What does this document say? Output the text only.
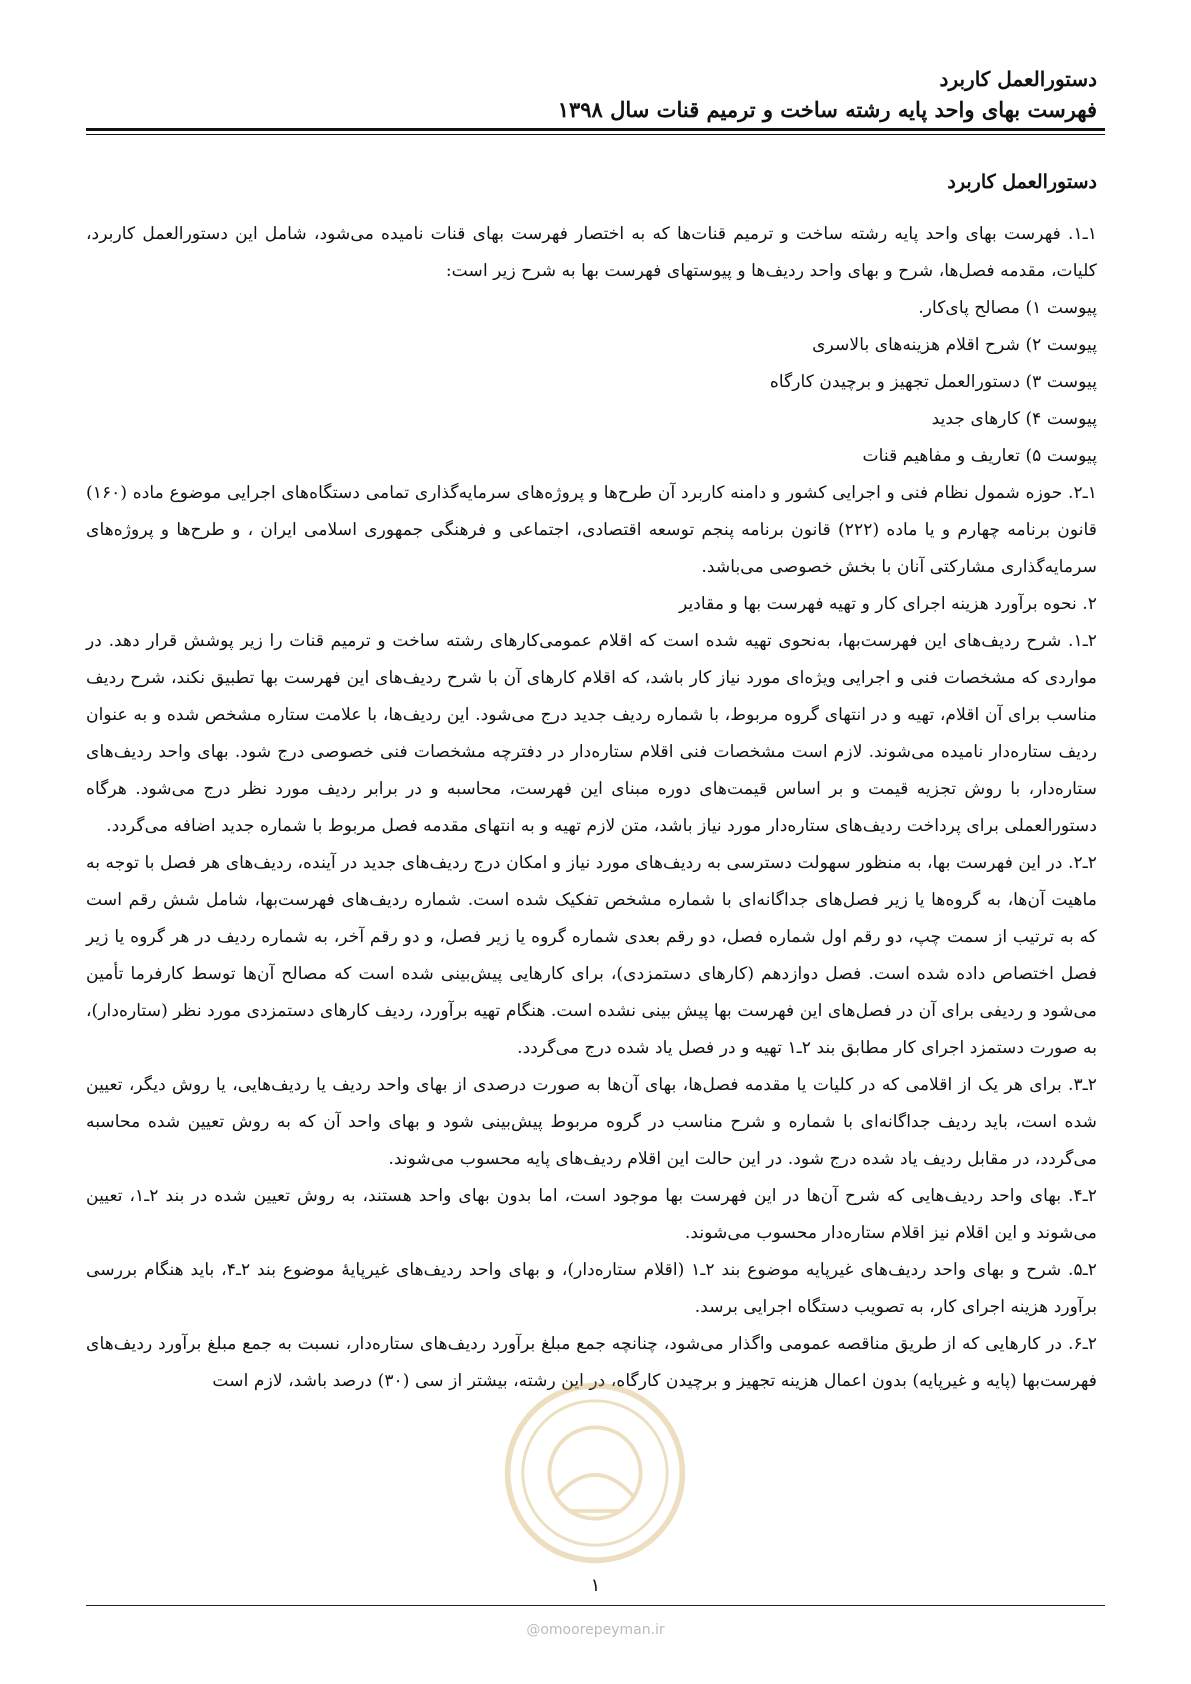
دستورالعمل کاربرد
فهرست بهای واحد پایه رشته ساخت و ترمیم قنات سال ۱۳۹۸
دستورالعمل کاربرد

۱ـ۱. فهرست بهای واحد پایه رشته ساخت و ترمیم قنات‌ها که به اختصار فهرست بهای قنات نامیده می‌شود، شامل این دستورالعمل کاربرد، کلیات، مقدمه فصل‌ها، شرح و بهای واحد ردیف‌ها و پیوستهای فهرست بها به شرح زیر است:

پیوست ۱) مصالح پای‌کار.

پیوست ۲) شرح اقلام هزینه‌های بالاسری

پیوست ۳) دستورالعمل تجهیز و برچیدن کارگاه

پیوست ۴) کارهای جدید

پیوست ۵) تعاریف و مفاهیم قنات

۱ـ۲. حوزه شمول نظام فنی و اجرایی کشور و دامنه کاربرد آن طرح‌ها و پروژه‌های سرمایه‌گذاری تمامی دستگاه‌های اجرایی موضوع ماده (۱۶۰) قانون برنامه چهارم و یا ماده (۲۲۲) قانون برنامه پنجم توسعه اقتصادی، اجتماعی و فرهنگی جمهوری اسلامی ایران ، و طرح‌ها و پروژه‌های سرمایه‌گذاری مشارکتی آنان با بخش خصوصی می‌باشد.

۲. نحوه برآورد هزینه اجرای کار و تهیه فهرست بها و مقادیر

۲ـ۱. شرح ردیف‌های این فهرست‌بها، به‌نحوی تهیه شده است که اقلام عمومی‌کارهای رشته ساخت و ترمیم قنات را زیر پوشش قرار دهد. در مواردی که مشخصات فنی و اجرایی ویژه‌ای مورد نیاز کار باشد، که اقلام کارهای آن با شرح ردیف‌های این فهرست بها تطبیق نکند، شرح ردیف مناسب برای آن اقلام، تهیه و در انتهای گروه مربوط، با شماره ردیف جدید درج می‌شود. این ردیف‌ها، با علامت ستاره مشخص شده و به عنوان ردیف ستاره‌دار نامیده می‌شوند. لازم است مشخصات فنی اقلام ستاره‌دار در دفترچه مشخصات فنی خصوصی درج شود. بهای واحد ردیف‌های ستاره‌دار، با روش تجزیه قیمت و بر اساس قیمت‌های دوره مبنای این فهرست، محاسبه و در برابر ردیف مورد نظر درج می‌شود. هرگاه دستورالعملی برای پرداخت ردیف‌های ستاره‌دار مورد نیاز باشد، متن لازم تهیه و به انتهای مقدمه فصل مربوط با شماره جدید اضافه می‌گردد.

۲ـ۲. در این فهرست بها، به منظور سهولت دسترسی به ردیف‌های مورد نیاز و امکان درج ردیف‌های جدید در آینده، ردیف‌های هر فصل با توجه به ماهیت آن‌ها، به گروه‌ها یا زیر فصل‌های جداگانه‌ای با شماره مشخص تفکیک شده است. شماره ردیف‌های فهرست‌بها، شامل شش رقم است که به ترتیب از سمت چپ، دو رقم اول شماره فصل، دو رقم بعدی شماره گروه یا زیر فصل، و دو رقم آخر، به شماره ردیف در هر گروه یا زیر فصل اختصاص داده شده است. فصل دوازدهم (کارهای دستمزدی)، برای کارهایی پیش‌بینی شده است که مصالح آن‌ها توسط کارفرما تأمین می‌شود و ردیفی برای آن در فصل‌های این فهرست بها پیش بینی نشده است. هنگام تهیه برآورد، ردیف کارهای دستمزدی مورد نظر (ستاره‌دار)، به صورت دستمزد اجرای کار مطابق بند ۲ـ۱ تهیه و در فصل یاد شده درج می‌گردد.

۲ـ۳. برای هر یک از اقلامی که در کلیات یا مقدمه فصل‌ها، بهای آن‌ها به صورت درصدی از بهای واحد ردیف یا ردیف‌هایی، یا روش دیگر، تعیین شده است، باید ردیف جداگانه‌ای با شماره و شرح مناسب در گروه مربوط پیش‌بینی شود و بهای واحد آن که به روش تعیین شده محاسبه می‌گردد، در مقابل ردیف یاد شده درج شود. در این حالت این اقلام ردیف‌های پایه محسوب می‌شوند.

۲ـ۴. بهای واحد ردیف‌هایی که شرح آن‌ها در این فهرست بها موجود است، اما بدون بهای واحد هستند، به روش تعیین شده در بند ۲ـ۱، تعیین می‌شوند و این اقلام نیز اقلام ستاره‌دار محسوب می‌شوند.

۲ـ۵. شرح و بهای واحد ردیف‌های غیرپایه موضوع بند ۲ـ۱ (اقلام ستاره‌دار)، و بهای واحد ردیف‌های غیرپایهٔ موضوع بند ۲ـ۴، باید هنگام بررسی برآورد هزینه اجرای کار، به تصویب دستگاه اجرایی برسد.

۲ـ۶. در کارهایی که از طریق مناقصه عمومی واگذار می‌شود، چنانچه جمع مبلغ برآورد ردیف‌های ستاره‌دار، نسبت به جمع مبلغ برآورد ردیف‌های فهرست‌بها (پایه و غیرپایه) بدون اعمال هزینه تجهیز و برچیدن کارگاه، در این رشته، بیشتر از سی (۳۰) درصد باشد، لازم است

۱
@omoorepeyman.ir
